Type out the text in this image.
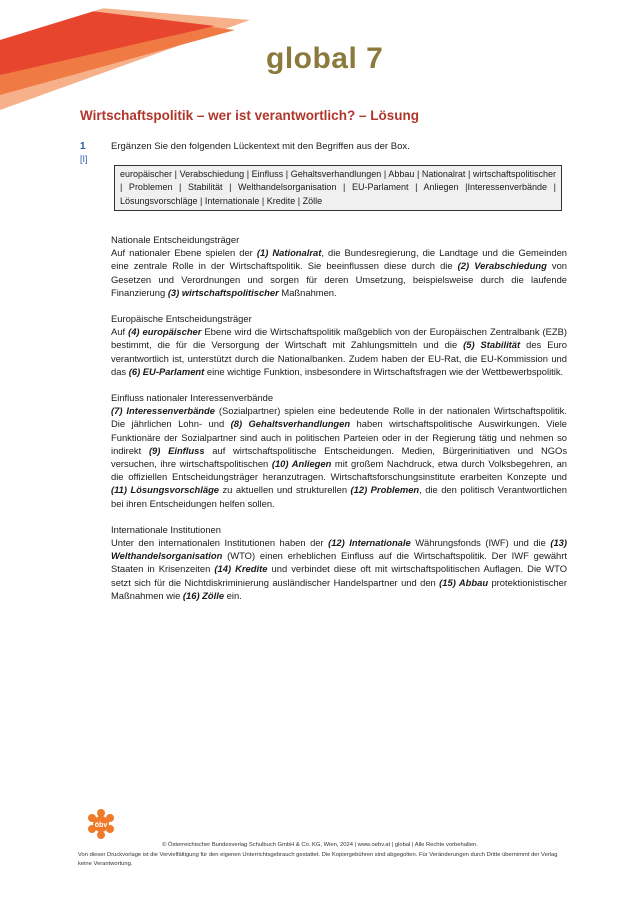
global 7
Wirtschaftspolitik – wer ist verantwortlich? – Lösung
1
[I]
Ergänzen Sie den folgenden Lückentext mit den Begriffen aus der Box.
europäischer | Verabschiedung | Einfluss | Gehaltsverhandlungen | Abbau | Nationalrat | wirtschaftspolitischer | Problemen | Stabilität | Welthandelsorganisation | EU-Parlament | Anliegen |Interessenverbände | Lösungsvorschläge | Internationale | Kredite | Zölle
Nationale Entscheidungsträger
Auf nationaler Ebene spielen der (1) Nationalrat, die Bundesregierung, die Landtage und die Gemeinden eine zentrale Rolle in der Wirtschaftspolitik. Sie beeinflussen diese durch die (2) Verabschiedung von Gesetzen und Verordnungen und sorgen für deren Umsetzung, beispielsweise durch die laufende Finanzierung (3) wirtschaftspolitischer Maßnahmen.
Europäische Entscheidungsträger
Auf (4) europäischer Ebene wird die Wirtschaftspolitik maßgeblich von der Europäischen Zentralbank (EZB) bestimmt, die für die Versorgung der Wirtschaft mit Zahlungsmitteln und die (5) Stabilität des Euro verantwortlich ist, unterstützt durch die Nationalbanken. Zudem haben der EU-Rat, die EU-Kommission und das (6) EU-Parlament eine wichtige Funktion, insbesondere in Wirtschaftsfragen wie der Wettbewerbspolitik.
Einfluss nationaler Interessenverbände
(7) Interessenverbände (Sozialpartner) spielen eine bedeutende Rolle in der nationalen Wirtschaftspolitik. Die jährlichen Lohn- und (8) Gehaltsverhandlungen haben wirtschaftspolitische Auswirkungen. Viele Funktionäre der Sozialpartner sind auch in politischen Parteien oder in der Regierung tätig und nehmen so indirekt (9) Einfluss auf wirtschaftspolitische Entscheidungen. Medien, Bürgerinitiativen und NGOs versuchen, ihre wirtschaftspolitischen (10) Anliegen mit großem Nachdruck, etwa durch Volksbegehren, an die offiziellen Entscheidungsträger heranzutragen. Wirtschaftsforschungsinstitute erarbeiten Konzepte und (11) Lösungsvorschläge zu aktuellen und strukturellen (12) Problemen, die den politisch Verantwortlichen bei ihren Entscheidungen helfen sollen.
Internationale Institutionen
Unter den internationalen Institutionen haben der (12) Internationale Währungsfonds (IWF) und die (13) Welthandelsorganisation (WTO) einen erheblichen Einfluss auf die Wirtschaftspolitik. Der IWF gewährt Staaten in Krisenzeiten (14) Kredite und verbindet diese oft mit wirtschaftspolitischen Auflagen. Die WTO setzt sich für die Nichtdiskriminierung ausländischer Handelspartner und den (15) Abbau protektionistischer Maßnahmen wie (16) Zölle ein.
öbv
© Österreichischer Bundesverlag Schulbuch GmbH & Co. KG, Wien, 2024 | www.oebv.at | global | Alle Rechte vorbehalten.
Von dieser Druckvorlage ist die Vervielfältigung für den eigenen Unterrichtsgebrauch gestattet. Die Kopiergebühren sind abgegolten. Für Veränderungen durch Dritte übernimmt der Verlag keine Verantwortung.
